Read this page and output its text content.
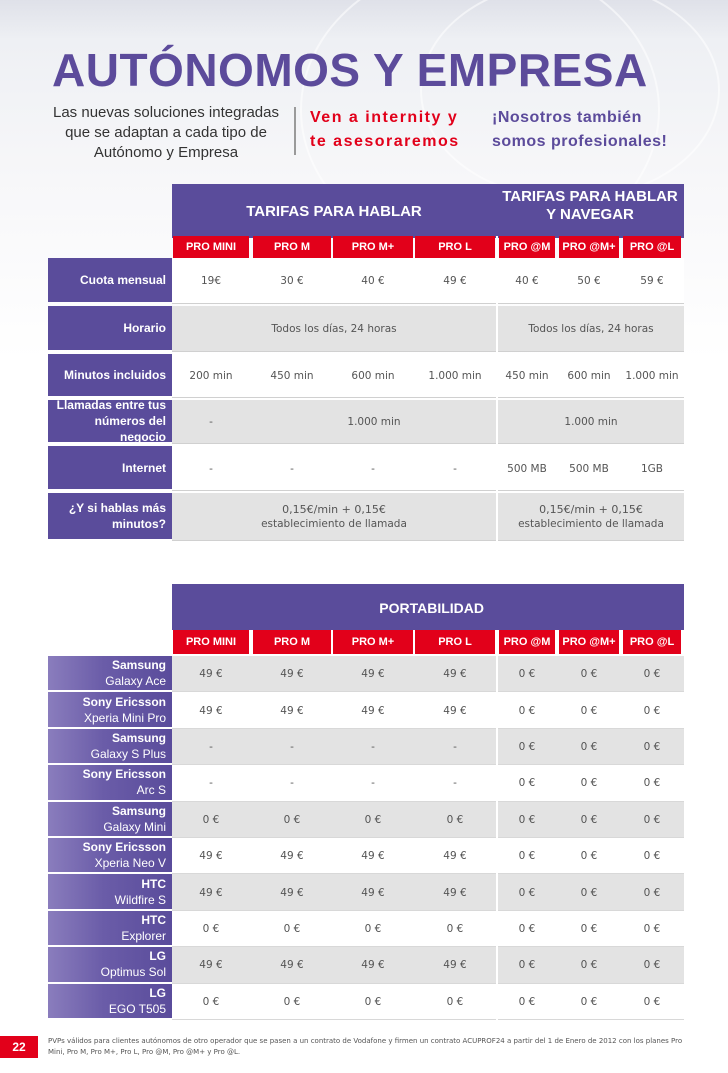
AUTÓNOMOS Y EMPRESA
Las nuevas soluciones integradas
que se adaptan a cada tipo de
Autónomo y Empresa
Ven a internity y
te asesoraremos
¡Nosotros también
somos profesionales!
TARIFAS PARA HABLAR
TARIFAS PARA HABLAR
Y NAVEGAR
PRO MINI	PRO M	PRO M+	PRO L	PRO @M	PRO @M+	PRO @L
Cuota mensual	19€	30 €	40 €	49 €	40 €	50 €	59 €
Horario	Todos los días, 24 horas	Todos los días, 24 horas
Minutos incluidos	200 min	450 min	600 min	1.000 min	450 min	600 min	1.000 min
Llamadas entre tus
números del negocio
-	1.000 min	1.000 min
Internet	-	-	-	-	500 MB	500 MB	1GB
¿Y si hablas más
minutos?
0,15€/min + 0,15€
establecimiento de llamada
0,15€/min + 0,15€
establecimiento de llamada
PORTABILIDAD
PRO MINI	PRO M	PRO M+	PRO L	PRO @M	PRO @M+	PRO @L
Samsung
Galaxy Ace	49 €	49 €	49 €	49 €	0 €	0 €	0 €
Sony Ericsson
Xperia Mini Pro	49 €	49 €	49 €	49 €	0 €	0 €	0 €
Samsung
Galaxy S Plus	-	-	-	-	0 €	0 €	0 €
Sony Ericsson
Arc S	-	-	-	-	0 €	0 €	0 €
Samsung
Galaxy Mini	0 €	0 €	0 €	0 €	0 €	0 €	0 €
Sony Ericsson
Xperia Neo V	49 €	49 €	49 €	49 €	0 €	0 €	0 €
HTC
Wildfire S	49 €	49 €	49 €	49 €	0 €	0 €	0 €
HTC
Explorer	0 €	0 €	0 €	0 €	0 €	0 €	0 €
LG
Optimus Sol	49 €	49 €	49 €	49 €	0 €	0 €	0 €
LG
EGO T505	0 €	0 €	0 €	0 €	0 €	0 €	0 €
22	PVPs válidos para clientes autónomos de otro operador que se pasen a un contrato de Vodafone y firmen un contrato ACUPROF24 a partir del 1 de Enero de 2012 con los planes Pro Mini, Pro M, Pro M+, Pro L, Pro @M, Pro @M+ y Pro @L.
